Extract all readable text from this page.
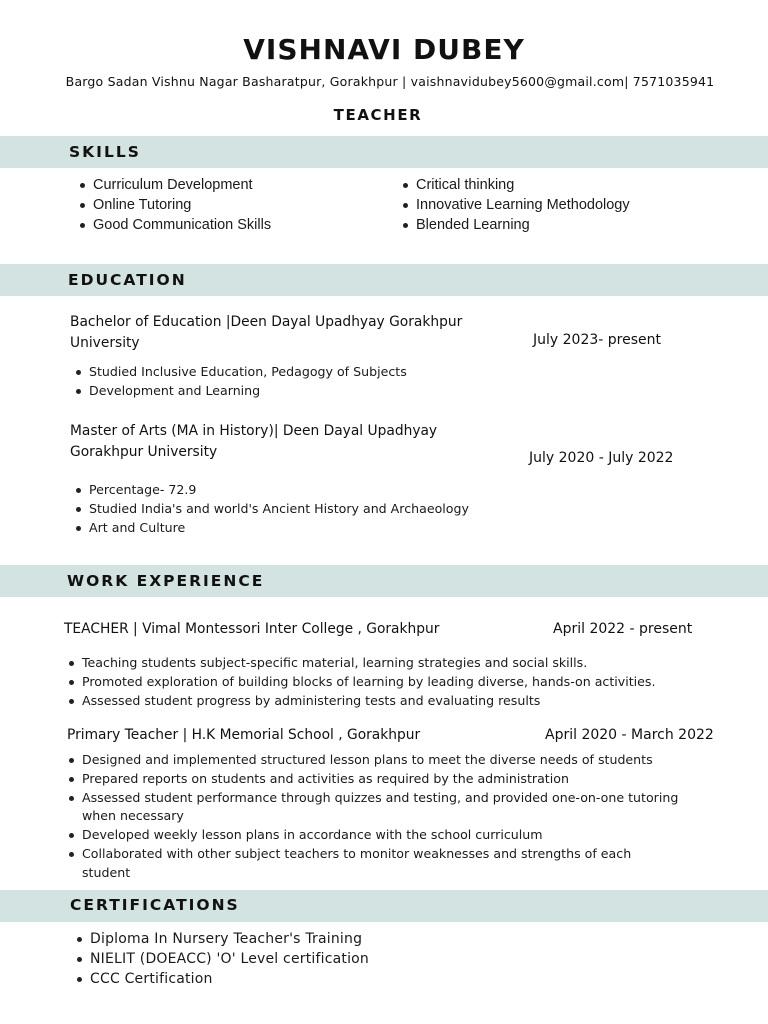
VISHNAVI DUBEY
Bargo Sadan Vishnu Nagar Basharatpur, Gorakhpur | vaishnavidubey5600@gmail.com| 7571035941
TEACHER
SKILLS
Curriculum Development
Online Tutoring
Good Communication Skills
Critical thinking
Innovative Learning Methodology
Blended Learning
EDUCATION
Bachelor of Education |Deen Dayal Upadhyay Gorakhpur University	July 2023- present
Studied Inclusive Education, Pedagogy of Subjects
Development and Learning
Master of Arts (MA in History)| Deen Dayal Upadhyay Gorakhpur University	July 2020 - July 2022
Percentage- 72.9
Studied India's and world's Ancient History and Archaeology
Art and Culture
WORK EXPERIENCE
TEACHER | Vimal Montessori Inter College , Gorakhpur	April 2022 - present
Teaching students subject-specific material, learning strategies and social skills.
Promoted exploration of building blocks of learning by leading diverse, hands-on activities.
Assessed student progress by administering tests and evaluating results
Primary Teacher | H.K Memorial School , Gorakhpur	April 2020 - March 2022
Designed and implemented structured lesson plans to meet the diverse needs of students
Prepared reports on students and activities as required by the administration
Assessed student performance through quizzes and testing, and provided one-on-one tutoring when necessary
Developed weekly lesson plans in accordance with the school curriculum
Collaborated with other subject teachers to monitor weaknesses and strengths of each student
CERTIFICATIONS
Diploma In Nursery Teacher's Training
NIELIT (DOEACC) 'O' Level certification
CCC Certification
